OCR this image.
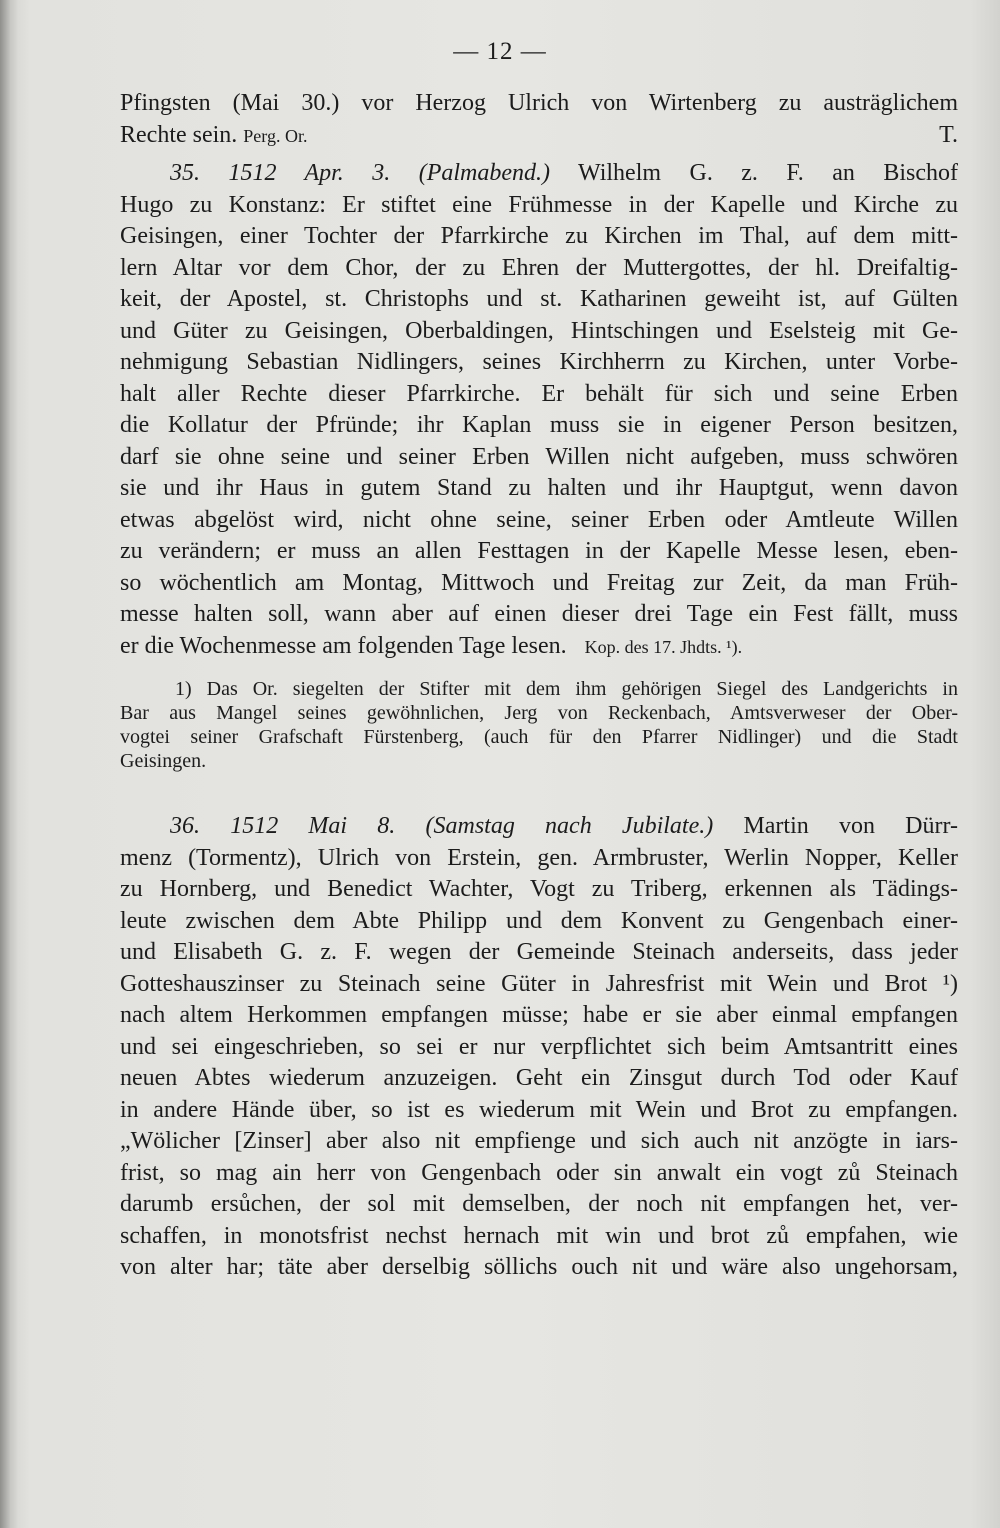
— 12 —
Pfingsten (Mai 30.) vor Herzog Ulrich von Wirtenberg zu austräglichem
Rechte sein. Perg. Or.	T.
35. 1512 Apr. 3. (Palmabend.) Wilhelm G. z. F. an Bischof
Hugo zu Konstanz: Er stiftet eine Frühmesse in der Kapelle und Kirche zu
Geisingen, einer Tochter der Pfarrkirche zu Kirchen im Thal, auf dem mitt-
lern Altar vor dem Chor, der zu Ehren der Muttergottes, der hl. Dreifaltig-
keit, der Apostel, st. Christophs und st. Katharinen geweiht ist, auf Gülten
und Güter zu Geisingen, Oberbaldingen, Hintschingen und Eselsteig mit Ge-
nehmigung Sebastian Nidlingers, seines Kirchherrn zu Kirchen, unter Vorbe-
halt aller Rechte dieser Pfarrkirche. Er behält für sich und seine Erben
die Kollatur der Pfründe; ihr Kaplan muss sie in eigener Person besitzen,
darf sie ohne seine und seiner Erben Willen nicht aufgeben, muss schwören
sie und ihr Haus in gutem Stand zu halten und ihr Hauptgut, wenn davon
etwas abgelöst wird, nicht ohne seine, seiner Erben oder Amtleute Willen
zu verändern; er muss an allen Festtagen in der Kapelle Messe lesen, eben-
so wöchentlich am Montag, Mittwoch und Freitag zur Zeit, da man Früh-
messe halten soll, wann aber auf einen dieser drei Tage ein Fest fällt, muss
er die Wochenmesse am folgenden Tage lesen. Kop. des 17. Jhdts. ¹).
1) Das Or. siegelten der Stifter mit dem ihm gehörigen Siegel des Landgerichts in
Bar aus Mangel seines gewöhnlichen, Jerg von Reckenbach, Amtsverweser der Ober-
vogtei seiner Grafschaft Fürstenberg, (auch für den Pfarrer Nidlinger) und die Stadt
Geisingen.
36. 1512 Mai 8. (Samstag nach Jubilate.) Martin von Dürr-
menz (Tormentz), Ulrich von Erstein, gen. Armbruster, Werlin Nopper, Keller
zu Hornberg, und Benedict Wachter, Vogt zu Triberg, erkennen als Tädings-
leute zwischen dem Abte Philipp und dem Konvent zu Gengenbach einer-
und Elisabeth G. z. F. wegen der Gemeinde Steinach anderseits, dass jeder
Gotteshauszinser zu Steinach seine Güter in Jahresfrist mit Wein und Brot ¹)
nach altem Herkommen empfangen müsse; habe er sie aber einmal empfangen
und sei eingeschrieben, so sei er nur verpflichtet sich beim Amtsantritt eines
neuen Abtes wiederum anzuzeigen. Geht ein Zinsgut durch Tod oder Kauf
in andere Hände über, so ist es wiederum mit Wein und Brot zu empfangen.
„Wölicher [Zinser] aber also nit empfienge und sich auch nit anzögte in iars-
frist, so mag ain herr von Gengenbach oder sin anwalt ein vogt zů Steinach
darumb ersůchen, der sol mit demselben, der noch nit empfangen het, ver-
schaffen, in monotsfrist nechst hernach mit win und brot zů empfahen, wie
von alter har; täte aber derselbig söllichs ouch nit und wäre also ungehorsam,
